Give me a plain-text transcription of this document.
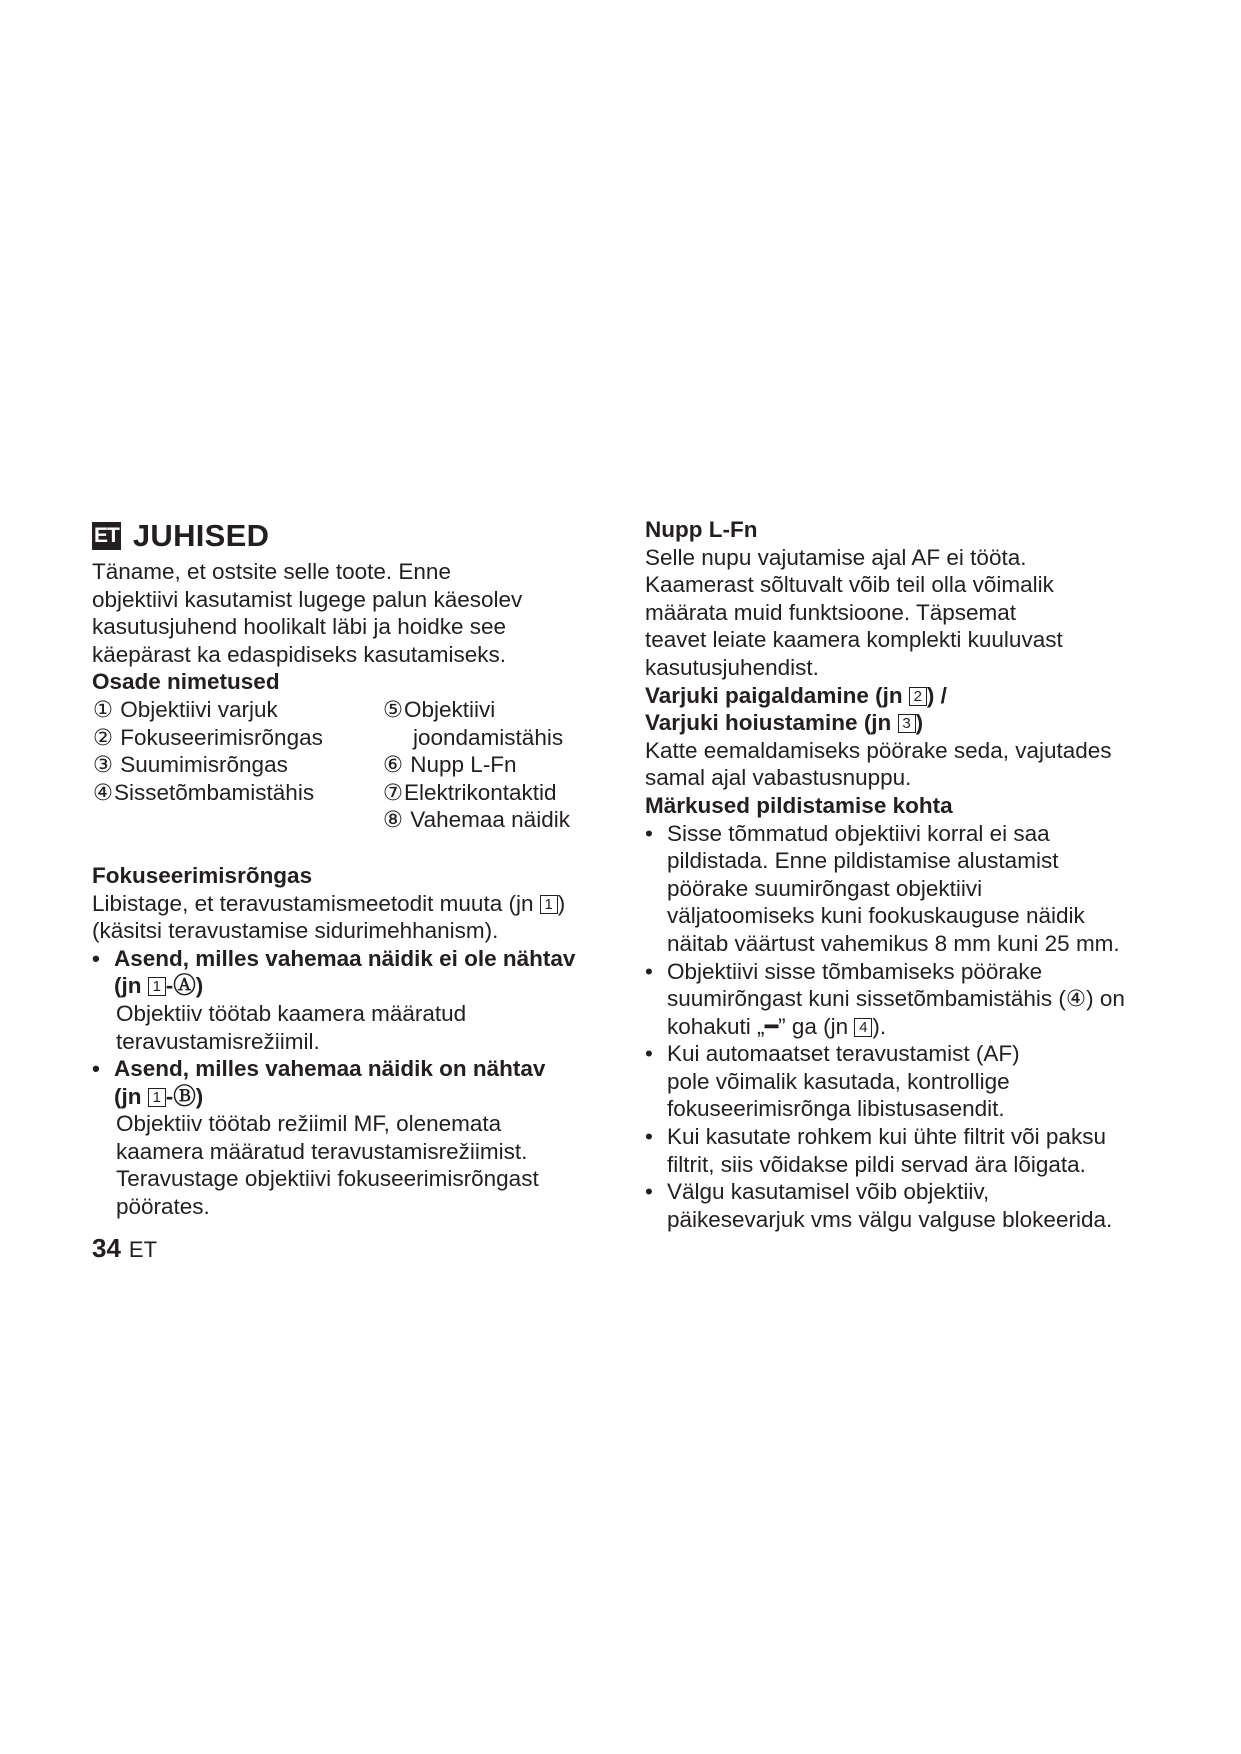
ET JUHISED

Täname, et ostsite selle toote. Enne

objektiivi kasutamist lugege palun käesolev

kasutusjuhend hoolikalt läbi ja hoidke see

käepärast ka edaspidiseks kasutamiseks.

Osade nimetused

① Objektiivi varjuk
② Fokuseerimisrõngas
③ Suumimisrõngas
④Sissetõmbamistähis
⑤Objektiivi
joondamistähis
⑥ Nupp L-Fn
⑦Elektrikontaktid
⑧ Vahemaa näidik

Fokuseerimisrõngas

Libistage, et teravustamismeetodit muuta (jn 1 )

(käsitsi teravustamise sidurimehhanism).

• Asend, milles vahemaa näidik ei ole nähtav

(jn 1 -Ⓐ)

Objektiiv töötab kaamera määratud

teravustamisrežiimil.

• Asend, milles vahemaa näidik on nähtav

(jn 1 -Ⓑ)

Objektiiv töötab režiimil MF, olenemata

kaamera määratud teravustamisrežiimist.

Teravustage objektiivi fokuseerimisrõngast

pöörates.

34 ET

Nupp L-Fn

Selle nupu vajutamise ajal AF ei tööta.

Kaamerast sõltuvalt võib teil olla võimalik

määrata muid funktsioone. Täpsemat

teavet leiate kaamera komplekti kuuluvast

kasutusjuhendist.

Varjuki paigaldamine (jn 2 ) /

Varjuki hoiustamine (jn 3 )

Katte eemaldamiseks pöörake seda, vajutades

samal ajal vabastusnuppu.

Märkused pildistamise kohta

• Sisse tõmmatud objektiivi korral ei saa

pildistada. Enne pildistamise alustamist

pöörake suumirõngast objektiivi

väljatoomiseks kuni fookuskauguse näidik

näitab väärtust vahemikus 8 mm kuni 25 mm.

• Objektiivi sisse tõmbamiseks pöörake

suumirõngast kuni sissetõmbamistähis (④) on

kohakuti „━” ga (jn 4 ).

• Kui automaatset teravustamist (AF)

pole võimalik kasutada, kontrollige

fokuseerimisrõnga libistusasendit.

• Kui kasutate rohkem kui ühte filtrit või paksu

filtrit, siis võidakse pildi servad ära lõigata.

• Välgu kasutamisel võib objektiiv,

päikesevarjuk vms välgu valguse blokeerida.
